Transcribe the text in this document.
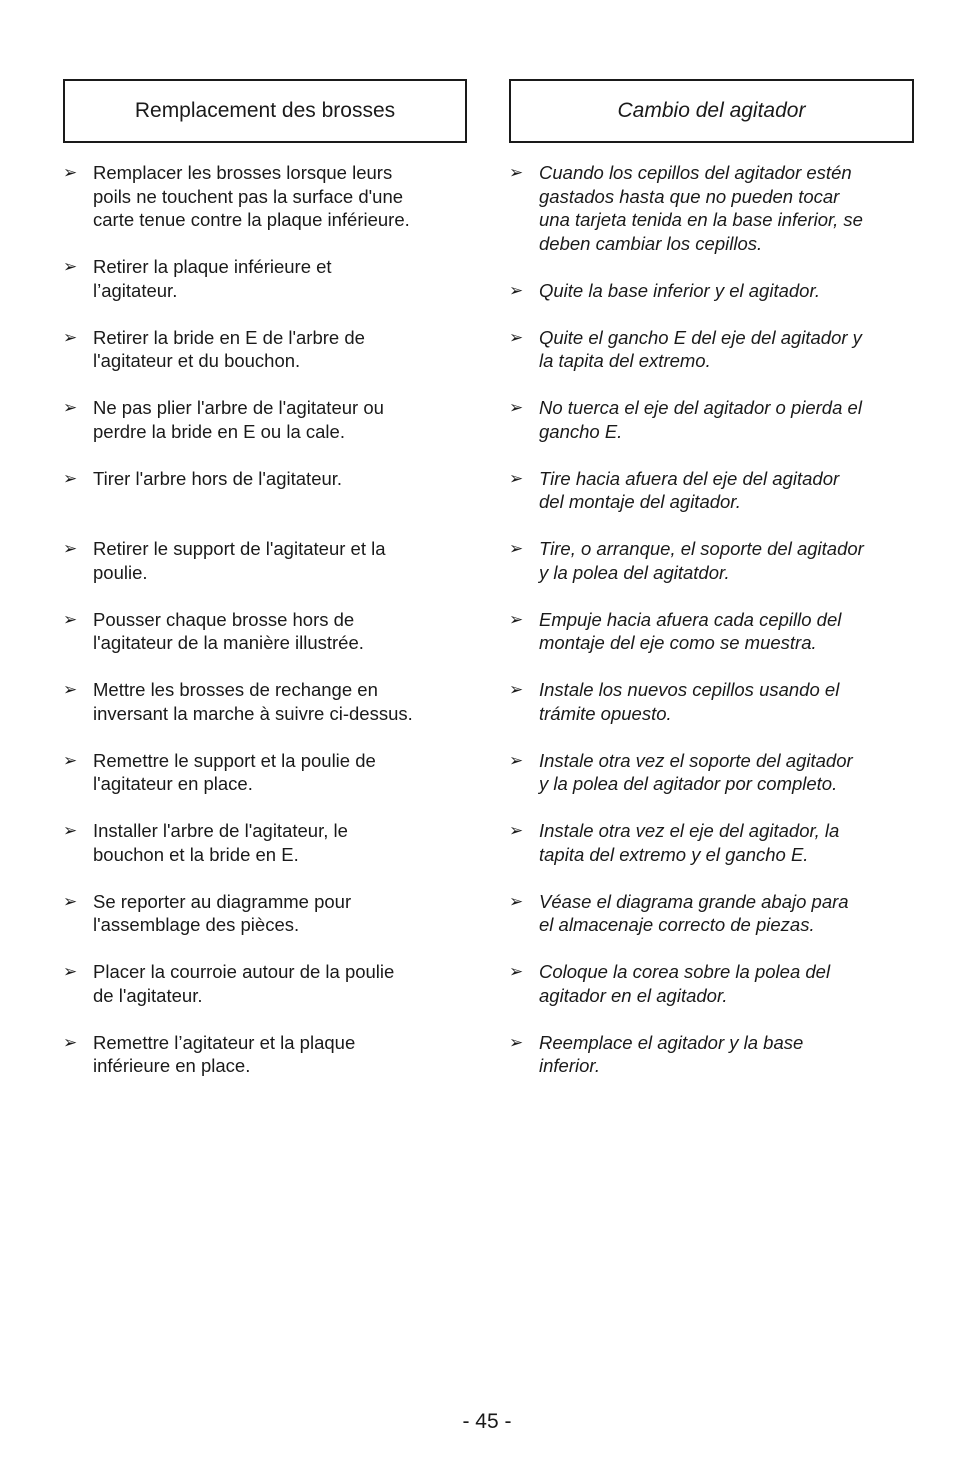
Remplacement des brosses
➢ Remplacer les brosses lorsque leurs
poils ne touchent pas la surface d'une
carte tenue contre la plaque inférieure.
➢ Retirer la plaque inférieure et
l’agitateur.
➢ Retirer la bride en E de l'arbre de
l'agitateur et du bouchon.
➢ Ne pas plier l'arbre de l'agitateur ou
perdre la bride en E ou la cale.
➢ Tirer l'arbre hors de l'agitateur.
➢ Retirer le support de l'agitateur et la
poulie.
➢ Pousser chaque brosse hors de
l'agitateur de la manière illustrée.
➢ Mettre les brosses de rechange en
inversant la marche à suivre ci-dessus.
➢ Remettre le support et la poulie de
l'agitateur en place.
➢ Installer l'arbre de l'agitateur, le
bouchon et la bride en E.
➢ Se reporter au diagramme pour
l'assemblage des pièces.
➢ Placer la courroie autour de la poulie
de l'agitateur.
➢ Remettre l’agitateur et la plaque
inférieure en place.
Cambio del agitador
➢ Cuando los cepillos del agitador estén
gastados hasta que no pueden tocar
una tarjeta tenida en la base inferior, se
deben cambiar los cepillos.
➢ Quite la base inferior y el agitador.
➢ Quite el gancho E del eje del agitador y
la tapita del extremo.
➢ No tuerca el eje del agitador o pierda el
gancho E.
➢ Tire hacia afuera del eje del agitador
del montaje del agitador.
➢ Tire, o arranque, el soporte del agitador
y la polea del agitatdor.
➢ Empuje hacia afuera cada cepillo del
montaje del eje como se muestra.
➢ Instale los nuevos cepillos usando el
trámite opuesto.
➢ Instale otra vez el soporte del agitador
y la polea del agitador por completo.
➢ Instale otra vez el eje del agitador, la
tapita del extremo y el gancho E.
➢ Véase el diagrama grande abajo para
el almacenaje correcto de piezas.
➢ Coloque la corea sobre la polea del
agitador en el agitador.
➢ Reemplace el agitador y la base
inferior.
- 45 -
